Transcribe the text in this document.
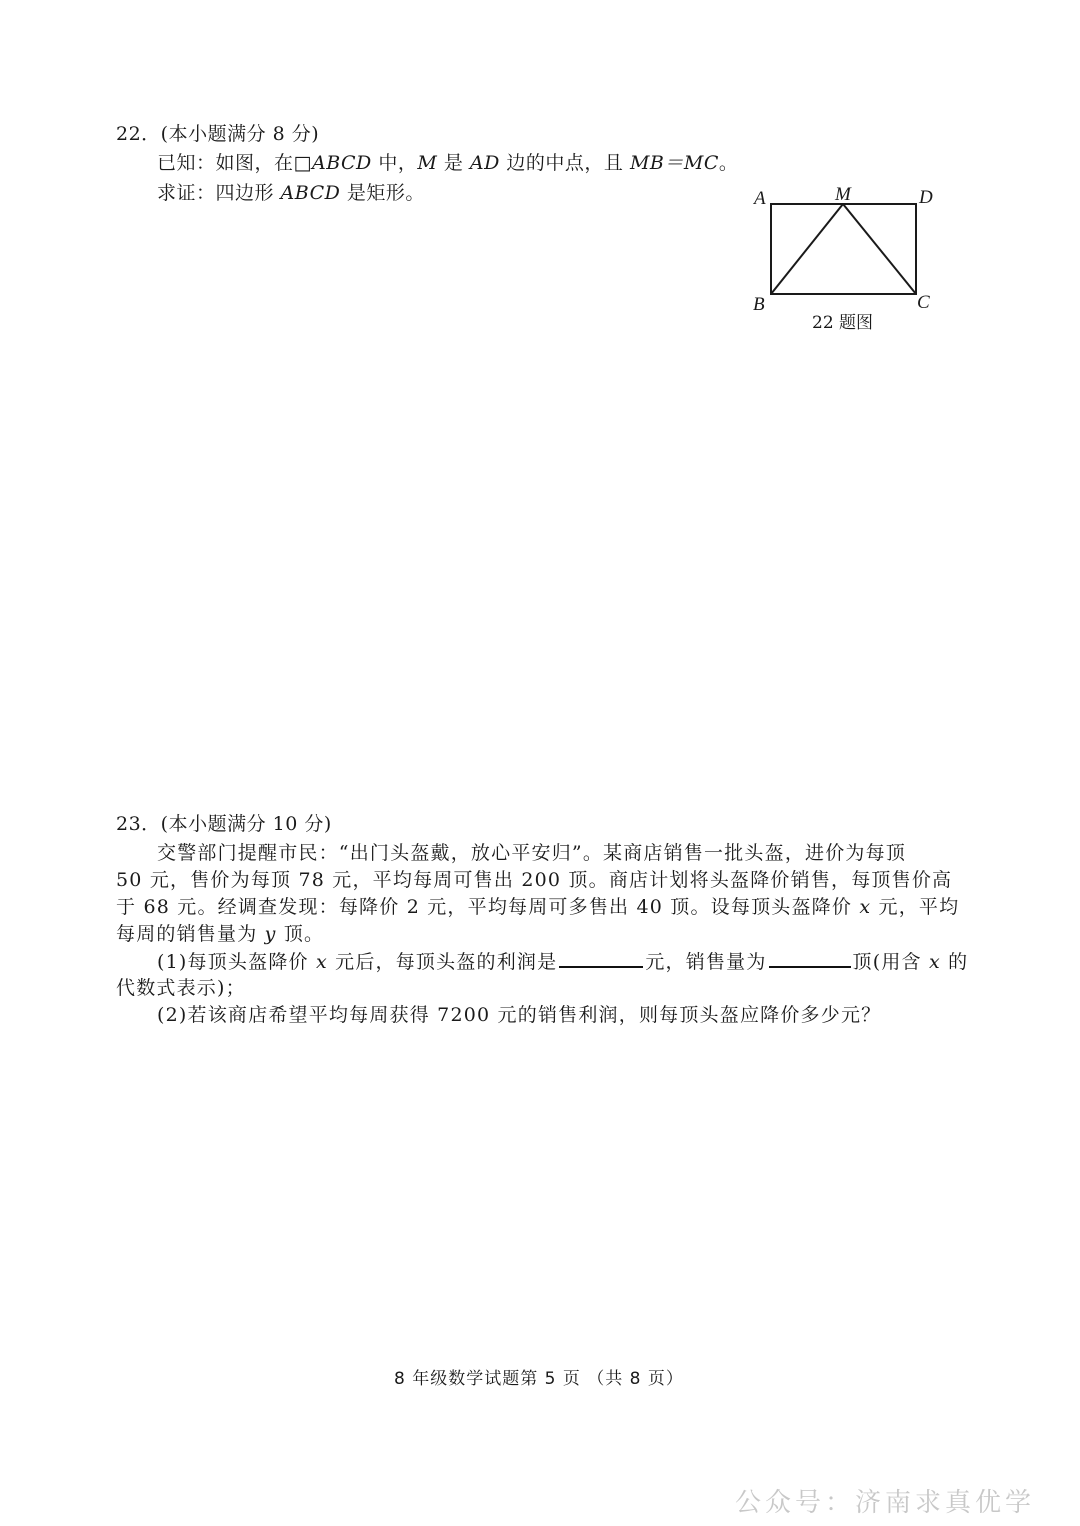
22．(本小题满分 8 分)
已知：如图，在□ABCD 中，M 是 AD 边的中点，且 MB＝MC。
求证：四边形 ABCD 是矩形。	A	M	D
B	C
22 题图
23．(本小题满分 10 分)
交警部门提醒市民：“出门头盔戴，放心平安归”。某商店销售一批头盔，进价为每顶
50 元，售价为每顶 78 元，平均每周可售出 200 顶。商店计划将头盔降价销售，每顶售价高
于 68 元。经调查发现：每降价 2 元，平均每周可多售出 40 顶。设每顶头盔降价 x 元，平均
每周的销售量为 y 顶。
(1)每顶头盔降价 x 元后，每顶头盔的利润是	元，销售量为	顶(用含 x 的
代数式表示)；
(2)若该商店希望平均每周获得 7200 元的销售利润，则每顶头盔应降价多少元？
8 年级数学试题第 5 页 （共 8 页）
公众号：济南求真优学
